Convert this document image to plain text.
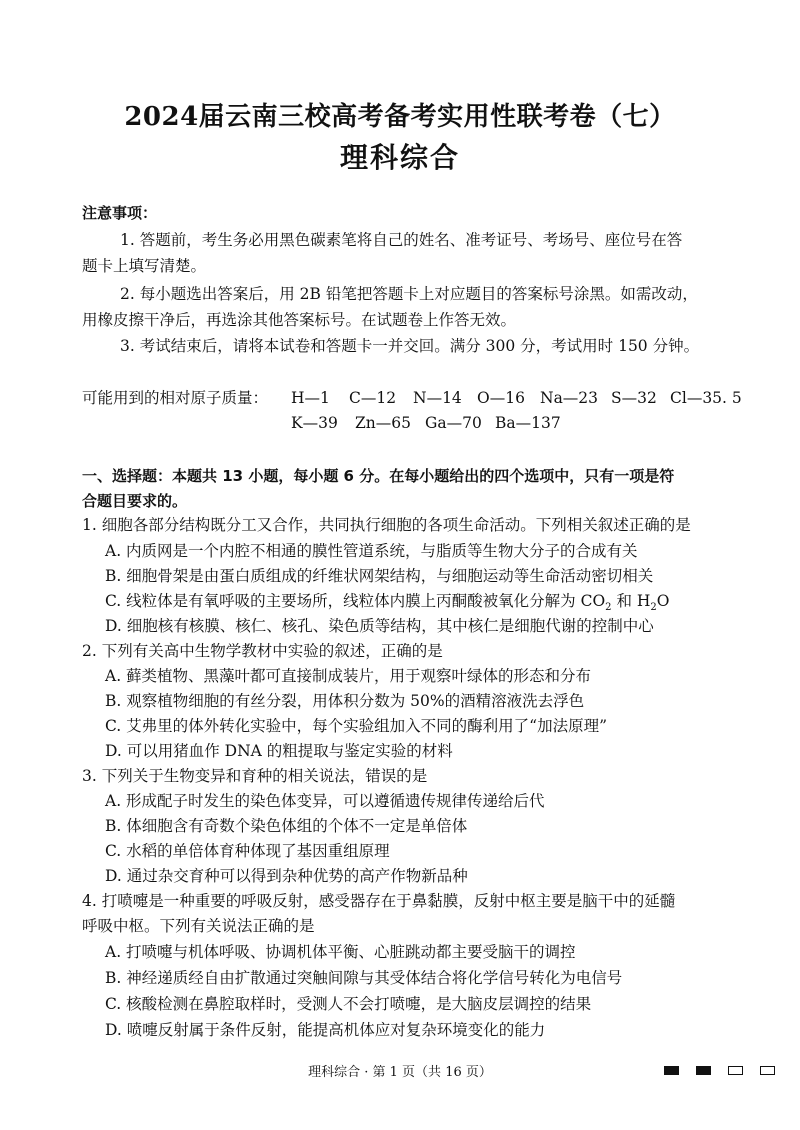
2024届云南三校高考备考实用性联考卷（七）
理科综合
注意事项：
1. 答题前，考生务必用黑色碳素笔将自己的姓名、准考证号、考场号、座位号在答
题卡上填写清楚。
2. 每小题选出答案后，用 2B 铅笔把答题卡上对应题目的答案标号涂黑。如需改动，
用橡皮擦干净后，再选涂其他答案标号。在试题卷上作答无效。
3. 考试结束后，请将本试卷和答题卡一并交回。满分 300 分，考试用时 150 分钟。
可能用到的相对原子质量： H—1 C—12 N—14 O—16 Na—23 S—32 Cl—35. 5
K—39 Zn—65 Ga—70 Ba—137
一、选择题：本题共 13 小题，每小题 6 分。在每小题给出的四个选项中，只有一项是符
合题目要求的。
1. 细胞各部分结构既分工又合作，共同执行细胞的各项生命活动。下列相关叙述正确的是
A. 内质网是一个内腔不相通的膜性管道系统，与脂质等生物大分子的合成有关
B. 细胞骨架是由蛋白质组成的纤维状网架结构，与细胞运动等生命活动密切相关
C. 线粒体是有氧呼吸的主要场所，线粒体内膜上丙酮酸被氧化分解为 $CO_2$ 和 $H_2O$
D. 细胞核有核膜、核仁、核孔、染色质等结构，其中核仁是细胞代谢的控制中心
2. 下列有关高中生物学教材中实验的叙述，正确的是
A. 藓类植物、黑藻叶都可直接制成装片，用于观察叶绿体的形态和分布
B. 观察植物细胞的有丝分裂，用体积分数为 50%的酒精溶液洗去浮色
C. 艾弗里的体外转化实验中，每个实验组加入不同的酶利用了“加法原理”
D. 可以用猪血作 DNA 的粗提取与鉴定实验的材料
3. 下列关于生物变异和育种的相关说法，错误的是
A. 形成配子时发生的染色体变异，可以遵循遗传规律传递给后代
B. 体细胞含有奇数个染色体组的个体不一定是单倍体
C. 水稻的单倍体育种体现了基因重组原理
D. 通过杂交育种可以得到杂种优势的高产作物新品种
4. 打喷嚏是一种重要的呼吸反射，感受器存在于鼻黏膜，反射中枢主要是脑干中的延髓
呼吸中枢。下列有关说法正确的是
A. 打喷嚏与机体呼吸、协调机体平衡、心脏跳动都主要受脑干的调控
B. 神经递质经自由扩散通过突触间隙与其受体结合将化学信号转化为电信号
C. 核酸检测在鼻腔取样时，受测人不会打喷嚏，是大脑皮层调控的结果
D. 喷嚏反射属于条件反射，能提高机体应对复杂环境变化的能力
理科综合 · 第 1 页（共 16 页）
